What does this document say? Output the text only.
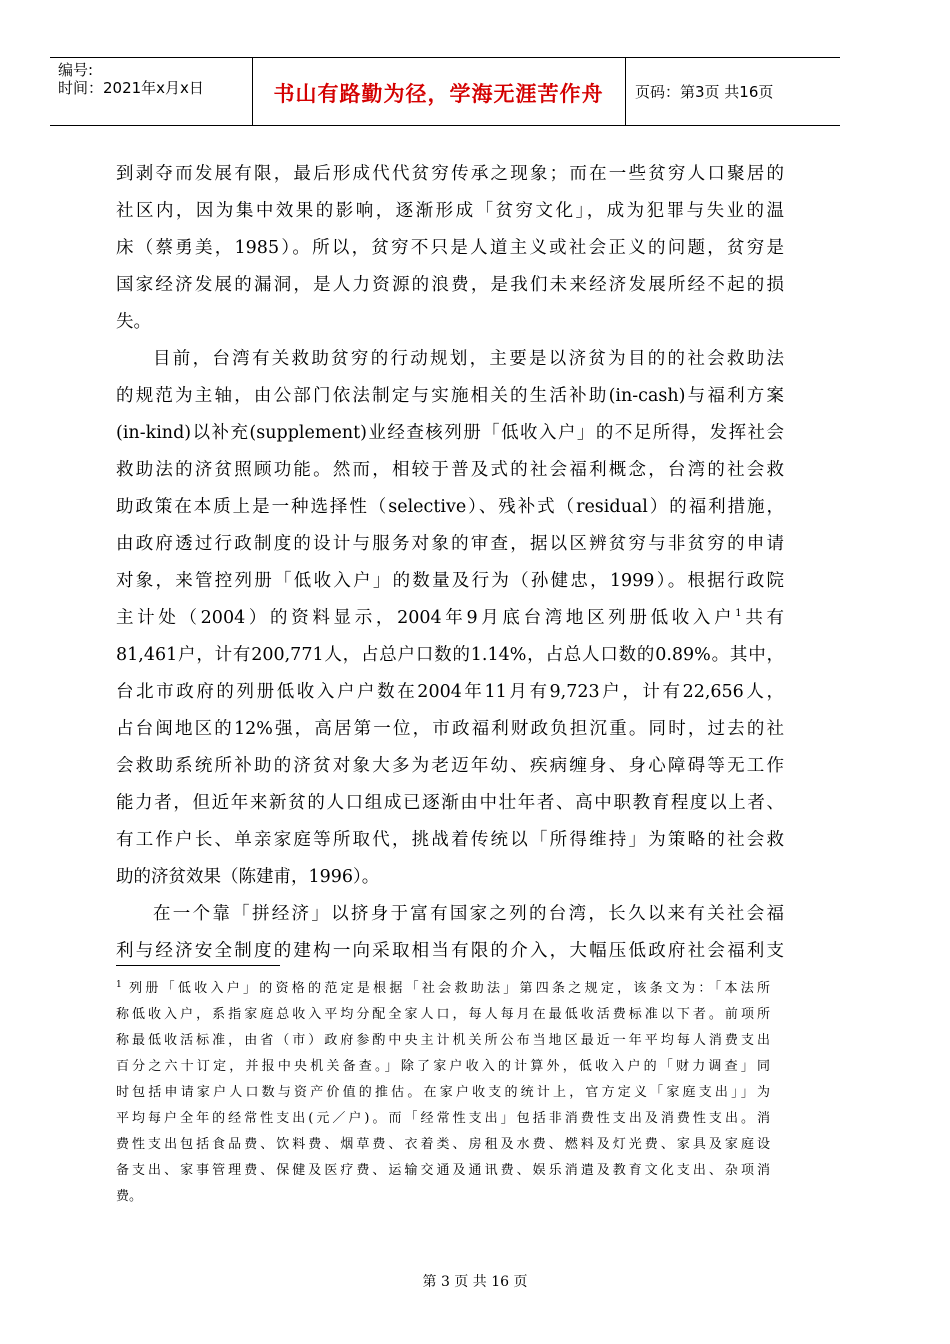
编号:
时间：2021年x月x日	书山有路勤为径，学海无涯苦作舟	页码：第3页 共16页
到剥夺而发展有限，最后形成代代贫穷传承之现象；而在一些贫穷人口聚居的
社区内，因为集中效果的影响，逐渐形成「贫穷文化」，成为犯罪与失业的温
床（蔡勇美，1985）。所以，贫穷不只是人道主义或社会正义的问题，贫穷是
国家经济发展的漏洞，是人力资源的浪费，是我们未来经济发展所经不起的损
失。
目前，台湾有关救助贫穷的行动规划，主要是以济贫为目的的社会救助法
的规范为主轴，由公部门依法制定与实施相关的生活补助(in-cash)与福利方案
(in-kind)以补充(supplement)业经查核列册「低收入户」的不足所得，发挥社会
救助法的济贫照顾功能。然而，相较于普及式的社会福利概念，台湾的社会救
助政策在本质上是一种选择性（selective）、残补式（residual）的福利措施，
由政府透过行政制度的设计与服务对象的审查，据以区辨贫穷与非贫穷的申请
对象，来管控列册「低收入户」的数量及行为（孙健忠，1999）。根据行政院
主计处（2004）的资料显示，2004年9月底台湾地区列册低收入户$^1$共有
81,461户，计有200,771人，占总户口数的1.14%，占总人口数的0.89%。其中，
台北市政府的列册低收入户户数在2004年11月有9,723户，计有22,656人，
占台闽地区的12%强，高居第一位，市政福利财政负担沉重。同时，过去的社
会救助系统所补助的济贫对象大多为老迈年幼、疾病缠身、身心障碍等无工作
能力者，但近年来新贫的人口组成已逐渐由中壮年者、高中职教育程度以上者、
有工作户长、单亲家庭等所取代，挑战着传统以「所得维持」为策略的社会救
助的济贫效果（陈建甫，1996）。
在一个靠「拼经济」以挤身于富有国家之列的台湾，长久以来有关社会福
利与经济安全制度的建构一向采取相当有限的介入，大幅压低政府社会福利支
$^1$ 列册「低收入户」的资格的范定是根据「社会救助法」第四条之规定，该条文为：「本法所
称低收入户，系指家庭总收入平均分配全家人口，每人每月在最低收活费标准以下者。前项所
称最低收活标准，由省（市）政府参酌中央主计机关所公布当地区最近一年平均每人消费支出
百分之六十订定，并报中央机关备查。」除了家户收入的计算外，低收入户的「财力调查」同
时包括申请家户人口数与资产价值的推估。在家户收支的统计上，官方定义「家庭支出」」为
平均每户全年的经常性支出(元／户)。而「经常性支出」包括非消费性支出及消费性支出。消
费性支出包括食品费、饮料费、烟草费、衣着类、房租及水费、燃料及灯光费、家具及家庭设
备支出、家事管理费、保健及医疗费、运输交通及通讯费、娱乐消遣及教育文化支出、杂项消
费。
第 3 页 共 16 页
